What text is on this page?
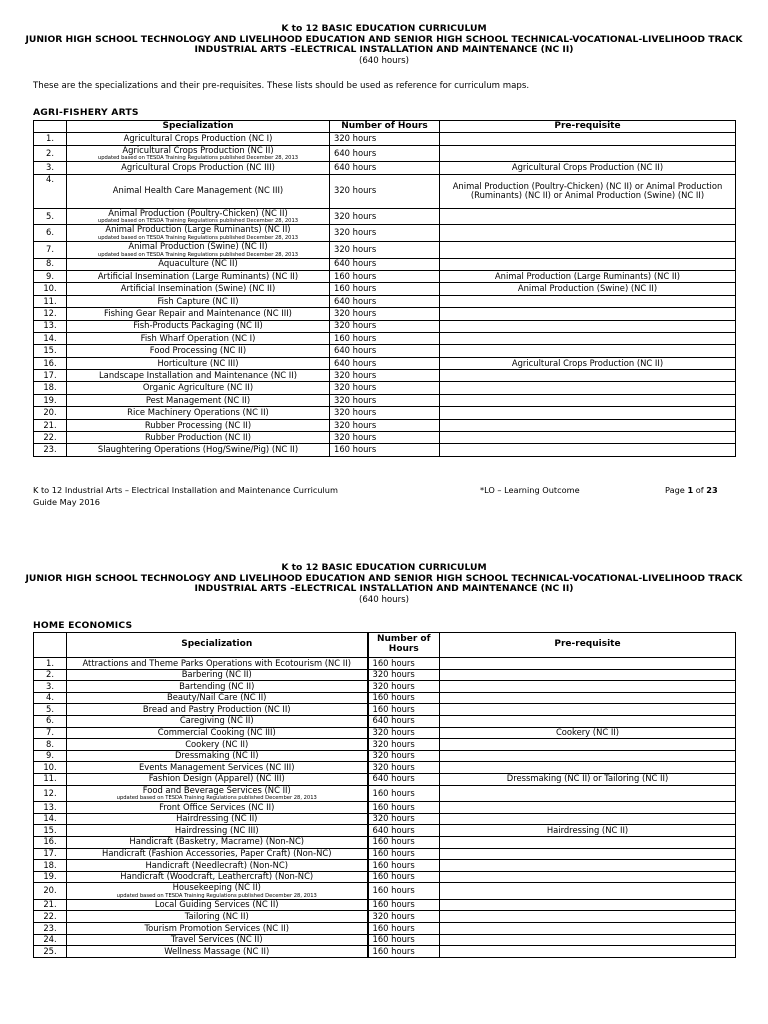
K to 12 BASIC EDUCATION CURRICULUM
JUNIOR HIGH SCHOOL TECHNOLOGY AND LIVELIHOOD EDUCATION AND SENIOR HIGH SCHOOL TECHNICAL-VOCATIONAL-LIVELIHOOD TRACK
INDUSTRIAL ARTS –ELECTRICAL INSTALLATION AND MAINTENANCE (NC II)
(640 hours)
These are the specializations and their pre-requisites. These lists should be used as reference for curriculum maps.
AGRI-FISHERY ARTS
	Specialization	Number of Hours	Pre-requisite
1.	Agricultural Crops Production (NC I)	320 hours	
2.	Agricultural Crops Production (NC II)
updated based on TESDA Training Regulations published December 28, 2013	640 hours	
3.	Agricultural Crops Production (NC III)	640 hours	Agricultural Crops Production (NC II)
4.	Animal Health Care Management (NC III)	320 hours	Animal Production (Poultry-Chicken) (NC II) or Animal Production (Ruminants) (NC II) or Animal Production (Swine) (NC II)
5.	Animal Production (Poultry-Chicken) (NC II)
updated based on TESDA Training Regulations published December 28, 2013	320 hours	
6.	Animal Production (Large Ruminants) (NC II)
updated based on TESDA Training Regulations published December 28, 2013	320 hours	
7.	Animal Production (Swine) (NC II)
updated based on TESDA Training Regulations published December 28, 2013	320 hours	
8.	Aquaculture (NC II)	640 hours	
9.	Artificial Insemination (Large Ruminants) (NC II)	160 hours	Animal Production (Large Ruminants) (NC II)
10.	Artificial Insemination (Swine) (NC II)	160 hours	Animal Production (Swine) (NC II)
11.	Fish Capture (NC II)	640 hours	
12.	Fishing Gear Repair and Maintenance (NC III)	320 hours	
13.	Fish-Products Packaging (NC II)	320 hours	
14.	Fish Wharf Operation (NC I)	160 hours	
15.	Food Processing (NC II)	640 hours	
16.	Horticulture (NC III)	640 hours	Agricultural Crops Production (NC II)
17.	Landscape Installation and Maintenance (NC II)	320 hours	
18.	Organic Agriculture (NC II)	320 hours	
19.	Pest Management (NC II)	320 hours	
20.	Rice Machinery Operations (NC II)	320 hours	
21.	Rubber Processing (NC II)	320 hours	
22.	Rubber Production (NC II)	320 hours	
23.	Slaughtering Operations (Hog/Swine/Pig) (NC II)	160 hours	
K to 12 Industrial Arts – Electrical Installation and Maintenance Curriculum Guide May 2016
*LO – Learning Outcome	Page 1 of 23
K to 12 BASIC EDUCATION CURRICULUM
JUNIOR HIGH SCHOOL TECHNOLOGY AND LIVELIHOOD EDUCATION AND SENIOR HIGH SCHOOL TECHNICAL-VOCATIONAL-LIVELIHOOD TRACK
INDUSTRIAL ARTS –ELECTRICAL INSTALLATION AND MAINTENANCE (NC II)
(640 hours)
HOME ECONOMICS
	Specialization	Number of Hours	Pre-requisite
1.	Attractions and Theme Parks Operations with Ecotourism (NC II)	160 hours	
2.	Barbering (NC II)	320 hours	
3.	Bartending (NC II)	320 hours	
4.	Beauty/Nail Care (NC II)	160 hours	
5.	Bread and Pastry Production (NC II)	160 hours	
6.	Caregiving (NC II)	640 hours	
7.	Commercial Cooking (NC III)	320 hours	Cookery (NC II)
8.	Cookery (NC II)	320 hours	
9.	Dressmaking (NC II)	320 hours	
10.	Events Management Services (NC III)	320 hours	
11.	Fashion Design (Apparel) (NC III)	640 hours	Dressmaking (NC II) or Tailoring (NC II)
12.	Food and Beverage Services (NC II)
updated based on TESDA Training Regulations published December 28, 2013	160 hours	
13.	Front Office Services (NC II)	160 hours	
14.	Hairdressing (NC II)	320 hours	
15.	Hairdressing (NC III)	640 hours	Hairdressing (NC II)
16.	Handicraft (Basketry, Macrame) (Non-NC)	160 hours	
17.	Handicraft (Fashion Accessories, Paper Craft) (Non-NC)	160 hours	
18.	Handicraft (Needlecraft) (Non-NC)	160 hours	
19.	Handicraft (Woodcraft, Leathercraft) (Non-NC)	160 hours	
20.	Housekeeping (NC II)
updated based on TESDA Training Regulations published December 28, 2013	160 hours	
21.	Local Guiding Services (NC II)	160 hours	
22.	Tailoring (NC II)	320 hours	
23.	Tourism Promotion Services (NC II)	160 hours	
24.	Travel Services (NC II)	160 hours	
25.	Wellness Massage (NC II)	160 hours	
